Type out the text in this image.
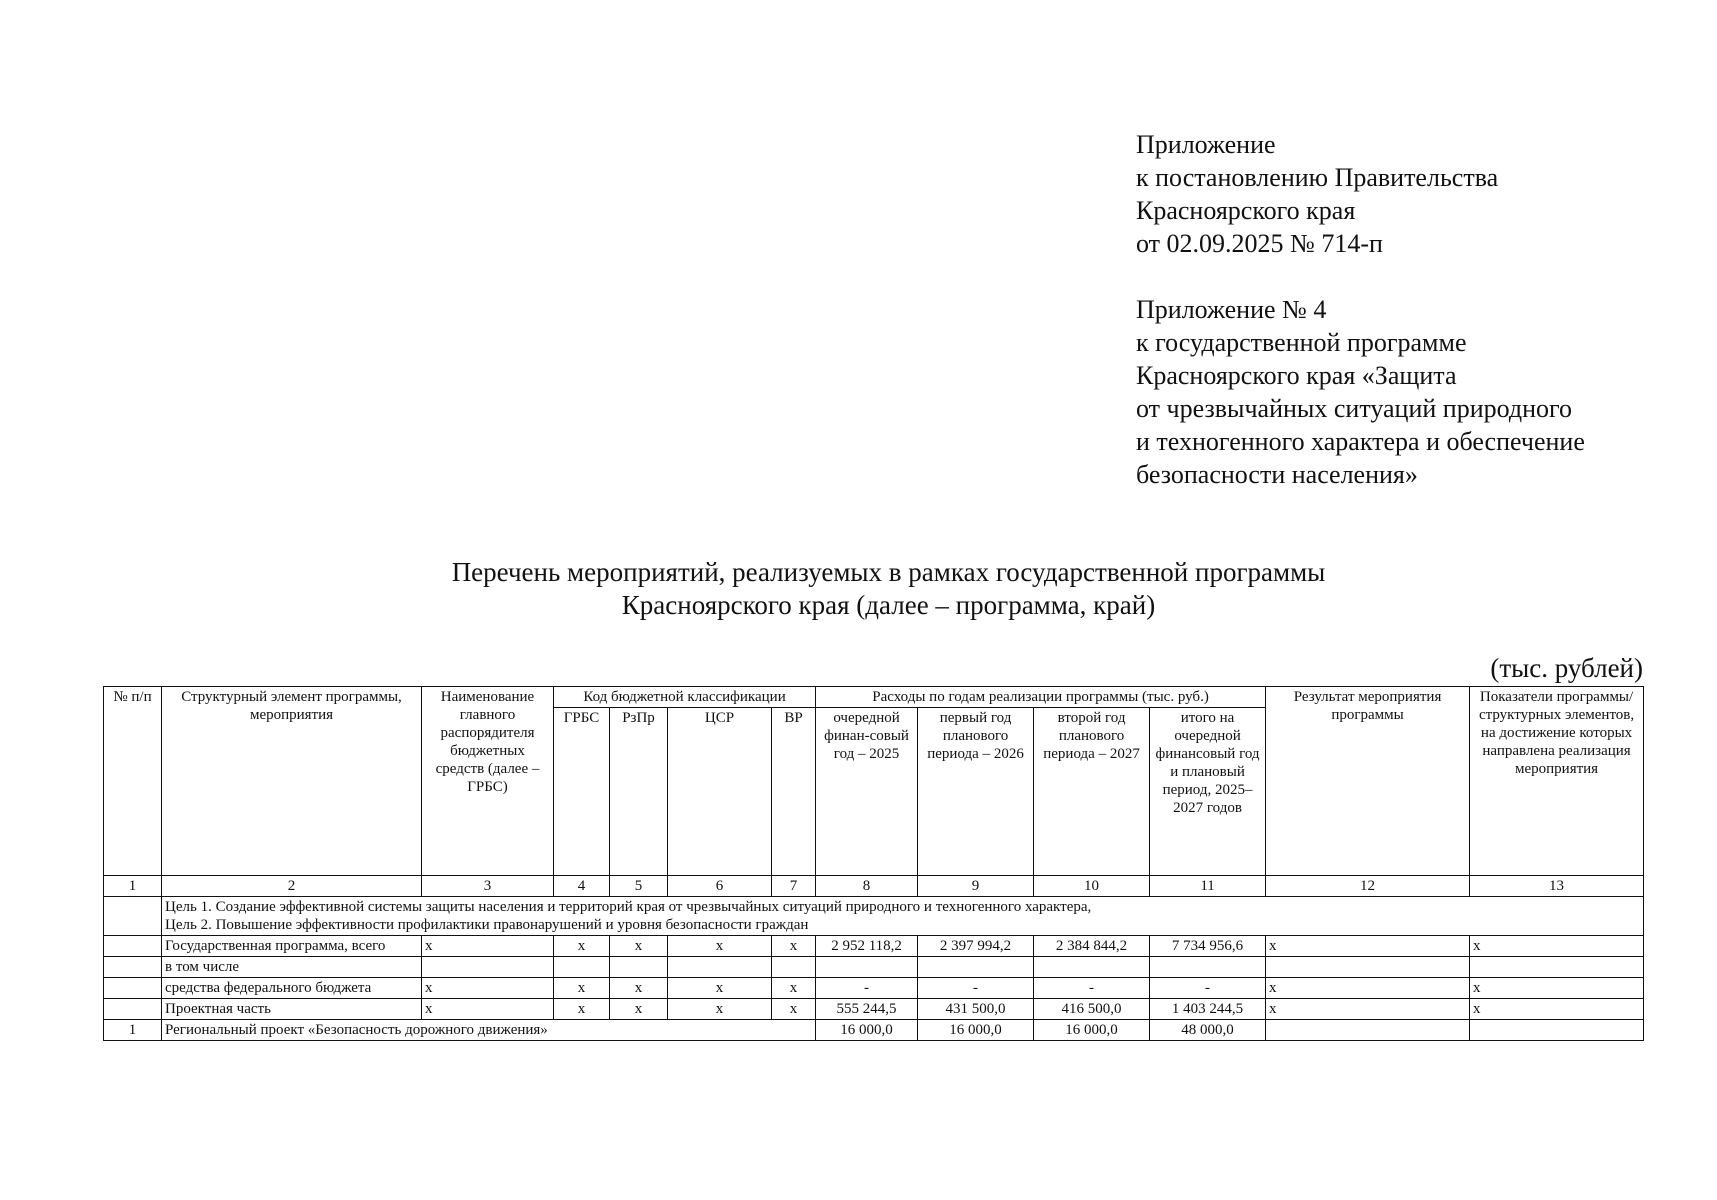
Приложение
к постановлению Правительства
Красноярского края
от 02.09.2025 № 714-п
Приложение № 4
к государственной программе
Красноярского края «Защита
от чрезвычайных ситуаций природного
и техногенного характера и обеспечение
безопасности населения»
Перечень мероприятий, реализуемых в рамках государственной программы
Красноярского края (далее – программа, край)
(тыс. рублей)
№ п/п	Структурный элемент программы, мероприятия	Наименование главного распорядителя бюджетных средств (далее – ГРБС)	Код бюджетной классификации				Расходы по годам реализации программы (тыс. руб.)				Результат мероприятия программы	Показатели программы/ структурных элементов, на достижение которых направлена реализация мероприятия
			ГРБС	РзПр	ЦСР	ВР	очередной финан-совый год – 2025	первый год планового периода – 2026	второй год планового периода – 2027	итого на очередной финансовый год и плановый период, 2025–2027 годов		
1	2	3	4	5	6	7	8	9	10	11	12	13

	Цель 1. Создание эффективной системы защиты населения и территорий края от чрезвычайных ситуаций природного и техногенного характера,
Цель 2. Повышение эффективности профилактики правонарушений и уровня безопасности граждан											

	Государственная программа, всего	x	x	x	x	x	2 952 118,2	2 397 994,2	2 384 844,2	7 734 956,6	x	x
	в том числе											
	средства федерального бюджета	x	x	x	x	x	-	-	-	-	x	x
	Проектная часть	x	x	x	x	x	555 244,5	431 500,0	416 500,0	1 403 244,5	x	x
1	Региональный проект «Безопасность дорожного движения»						16 000,0	16 000,0	16 000,0	48 000,0		
